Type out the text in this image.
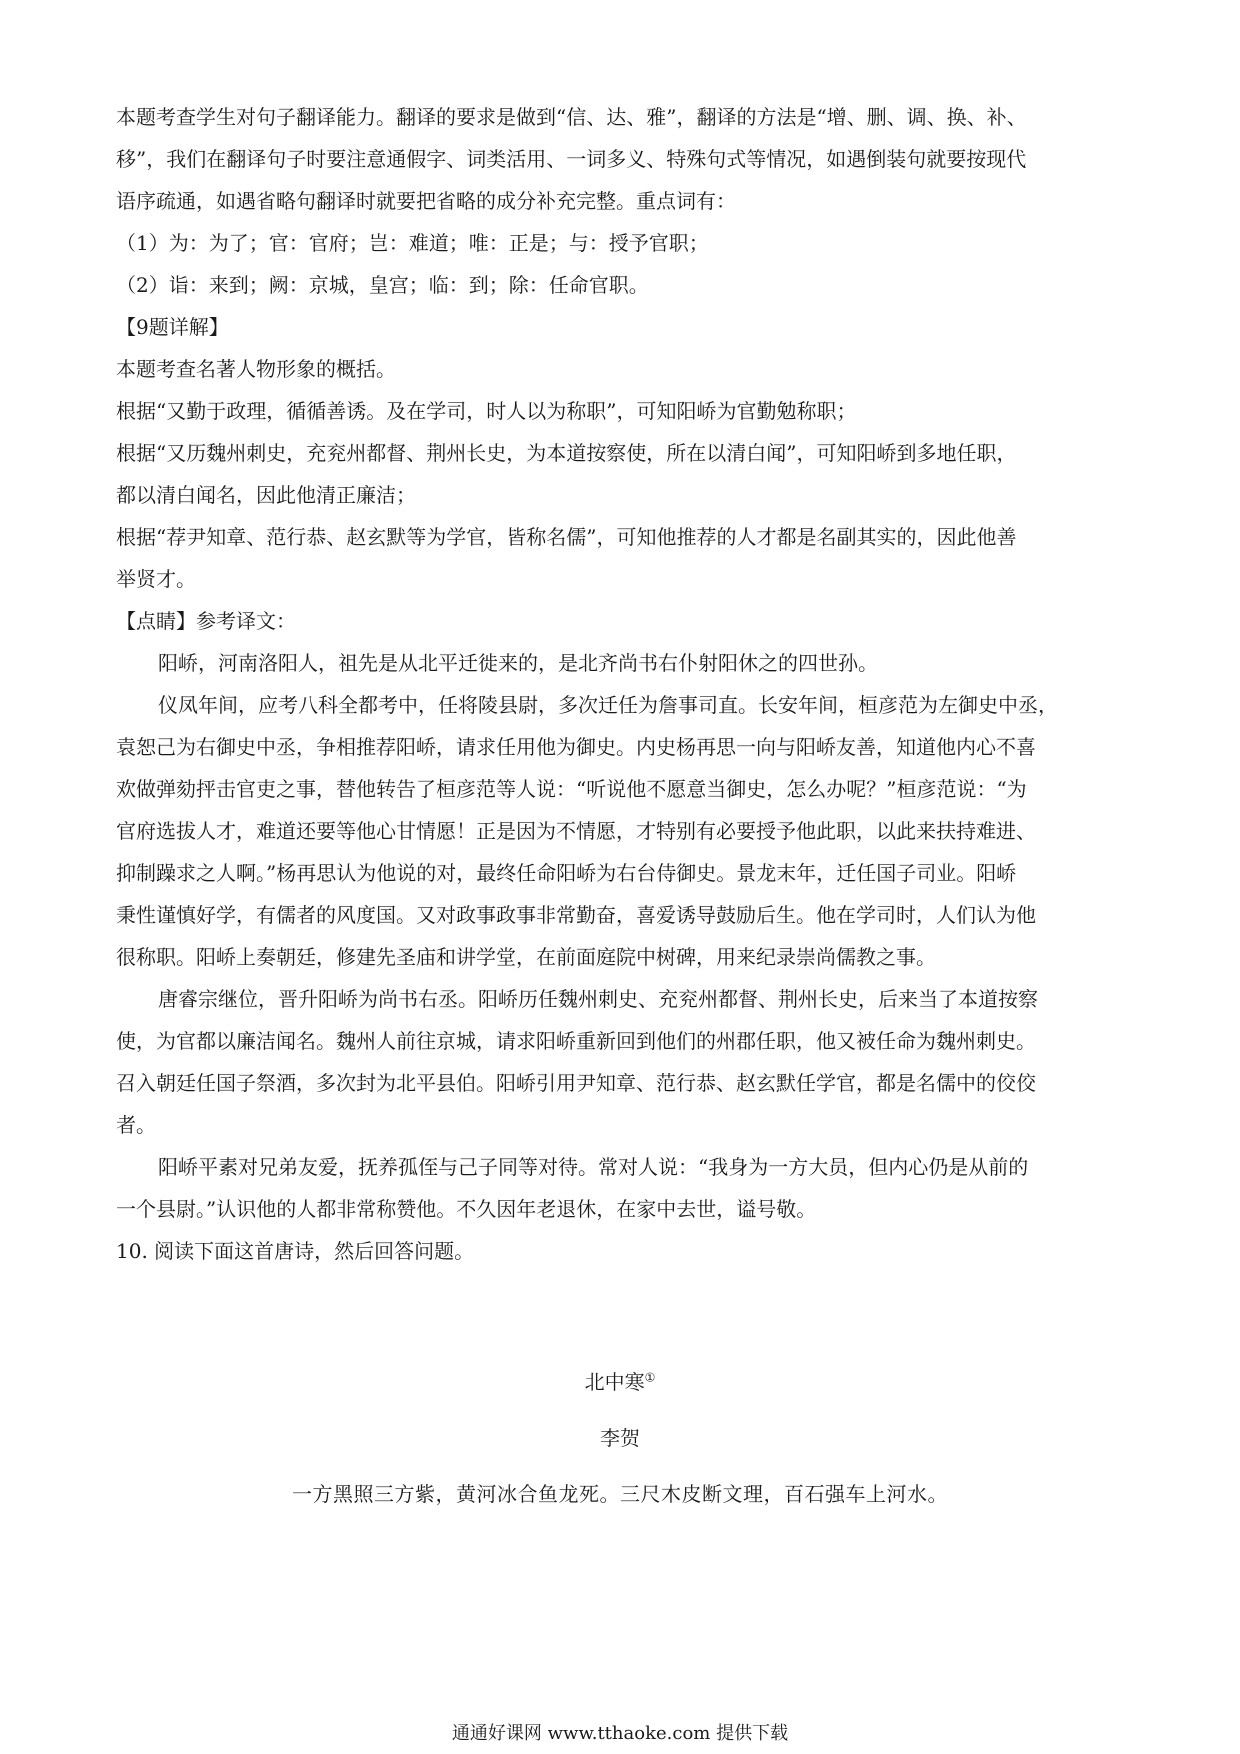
本题考查学生对句子翻译能力。翻译的要求是做到“信、达、雅”，翻译的方法是“增、删、调、换、补、
移”，我们在翻译句子时要注意通假字、词类活用、一词多义、特殊句式等情况，如遇倒装句就要按现代
语序疏通，如遇省略句翻译时就要把省略的成分补充完整。重点词有：
（1）为：为了；官：官府；岂：难道；唯：正是；与：授予官职；
（2）诣：来到；阙：京城，皇宫；临：到；除：任命官职。
【9题详解】
本题考查名著人物形象的概括。
根据“又勤于政理，循循善诱。及在学司，时人以为称职”，可知阳峤为官勤勉称职；
根据“又历魏州刺史，充兖州都督、荆州长史，为本道按察使，所在以清白闻”，可知阳峤到多地任职，
都以清白闻名，因此他清正廉洁；
根据“荐尹知章、范行恭、赵玄默等为学官，皆称名儒”，可知他推荐的人才都是名副其实的，因此他善
举贤才。
【点睛】参考译文：
阳峤，河南洛阳人，祖先是从北平迁徙来的，是北齐尚书右仆射阳休之的四世孙。
仪凤年间，应考八科全都考中，任将陵县尉，多次迁任为詹事司直。长安年间，桓彦范为左御史中丞，
袁恕己为右御史中丞，争相推荐阳峤，请求任用他为御史。内史杨再思一向与阳峤友善，知道他内心不喜
欢做弹劾抨击官吏之事，替他转告了桓彦范等人说：“听说他不愿意当御史，怎么办呢？”桓彦范说：“为
官府选拔人才，难道还要等他心甘情愿！正是因为不情愿，才特别有必要授予他此职，以此来扶持难进、
抑制躁求之人啊。”杨再思认为他说的对，最终任命阳峤为右台侍御史。景龙末年，迁任国子司业。阳峤
秉性谨慎好学，有儒者的风度国。又对政事政事非常勤奋，喜爱诱导鼓励后生。他在学司时，人们认为他
很称职。阳峤上奏朝廷，修建先圣庙和讲学堂，在前面庭院中树碑，用来纪录崇尚儒教之事。
唐睿宗继位，晋升阳峤为尚书右丞。阳峤历任魏州刺史、充兖州都督、荆州长史，后来当了本道按察
使，为官都以廉洁闻名。魏州人前往京城，请求阳峤重新回到他们的州郡任职，他又被任命为魏州刺史。
召入朝廷任国子祭酒，多次封为北平县伯。阳峤引用尹知章、范行恭、赵玄默任学官，都是名儒中的佼佼
者。
阳峤平素对兄弟友爱，抚养孤侄与己子同等对待。常对人说：“我身为一方大员，但内心仍是从前的
一个县尉。”认识他的人都非常称赞他。不久因年老退休，在家中去世，谥号敬。
10. 阅读下面这首唐诗，然后回答问题。
北中寒①
李贺
一方黑照三方紫，黄河冰合鱼龙死。三尺木皮断文理，百石强车上河水。
通通好课网 www.tthaoke.com 提供下载
